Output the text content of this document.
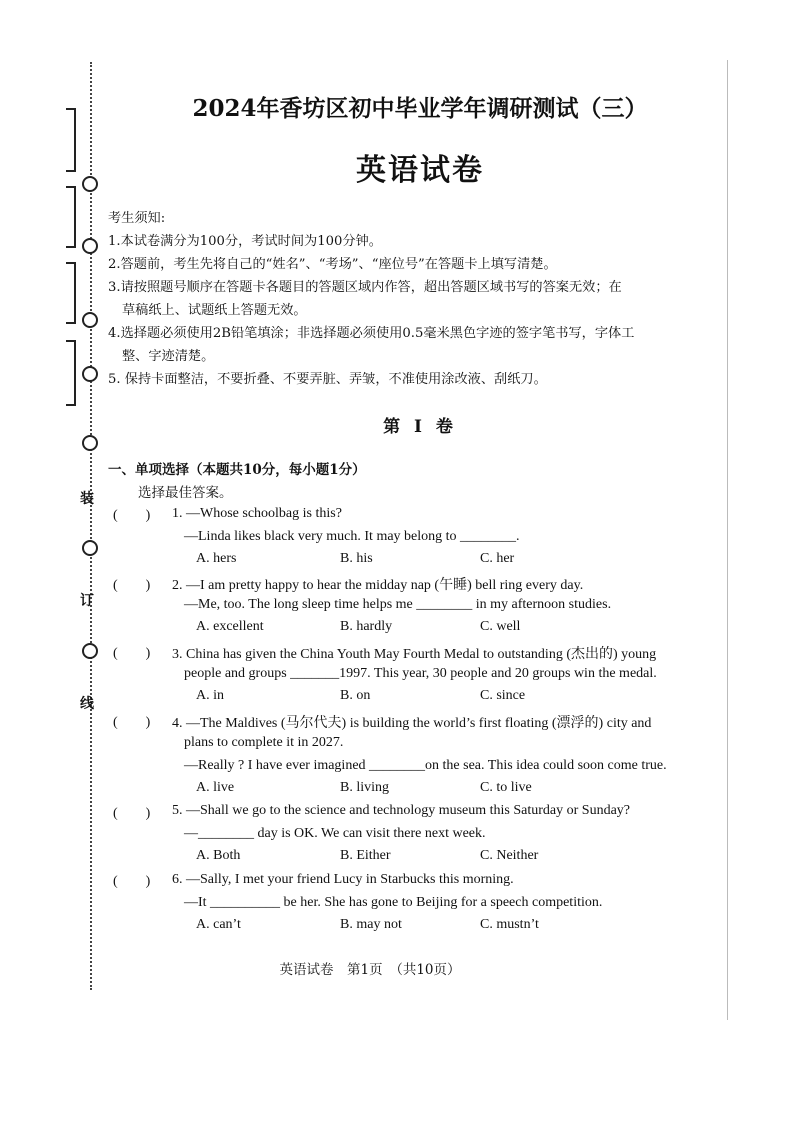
装
订
线
2024年香坊区初中毕业学年调研测试（三）
英语试卷
考生须知:
1.本试卷满分为100分，考试时间为100分钟。
2.答题前，考生先将自己的“姓名”、“考场”、“座位号”在答题卡上填写清楚。
3.请按照题号顺序在答题卡各题目的答题区域内作答，超出答题区域书写的答案无效；在
草稿纸上、试题纸上答题无效。
4.选择题必须使用2B铅笔填涂；非选择题必须使用0.5毫米黑色字迹的签字笔书写，字体工
整、字迹清楚。
5. 保持卡面整洁，不要折叠、不要弄脏、弄皱，不准使用涂改液、刮纸刀。
第 I 卷
一、单项选择（本题共10分，每小题1分）
选择最佳答案。
(　　) 1. —Whose schoolbag is this?
—Linda likes black very much. It may belong to ________.
A. hers	B. his	C. her
(　　) 2. —I am pretty happy to hear the midday nap (午睡) bell ring every day.
—Me, too. The long sleep time helps me ________ in my afternoon studies.
A. excellent	B. hardly	C. well
(　　) 3. China has given the China Youth May Fourth Medal to outstanding (杰出的) young
people and groups _______1997. This year, 30 people and 20 groups win the medal.
A. in	B. on	C. since
(　　) 4. —The Maldives (马尔代夫) is building the world’s first floating (漂浮的) city and
plans to complete it in 2027.
—Really ? I have ever imagined ________on the sea. This idea could soon come true.
A. live	B. living	C. to live
(　　) 5. —Shall we go to the science and technology museum this Saturday or Sunday?
—________ day is OK. We can visit there next week.
A. Both	B. Either	C. Neither
(　　) 6. —Sally, I met your friend Lucy in Starbucks this morning.
—It __________ be her. She has gone to Beijing for a speech competition.
A. can’t	B. may not	C. mustn’t
英语试卷　第1页　（共10页）
